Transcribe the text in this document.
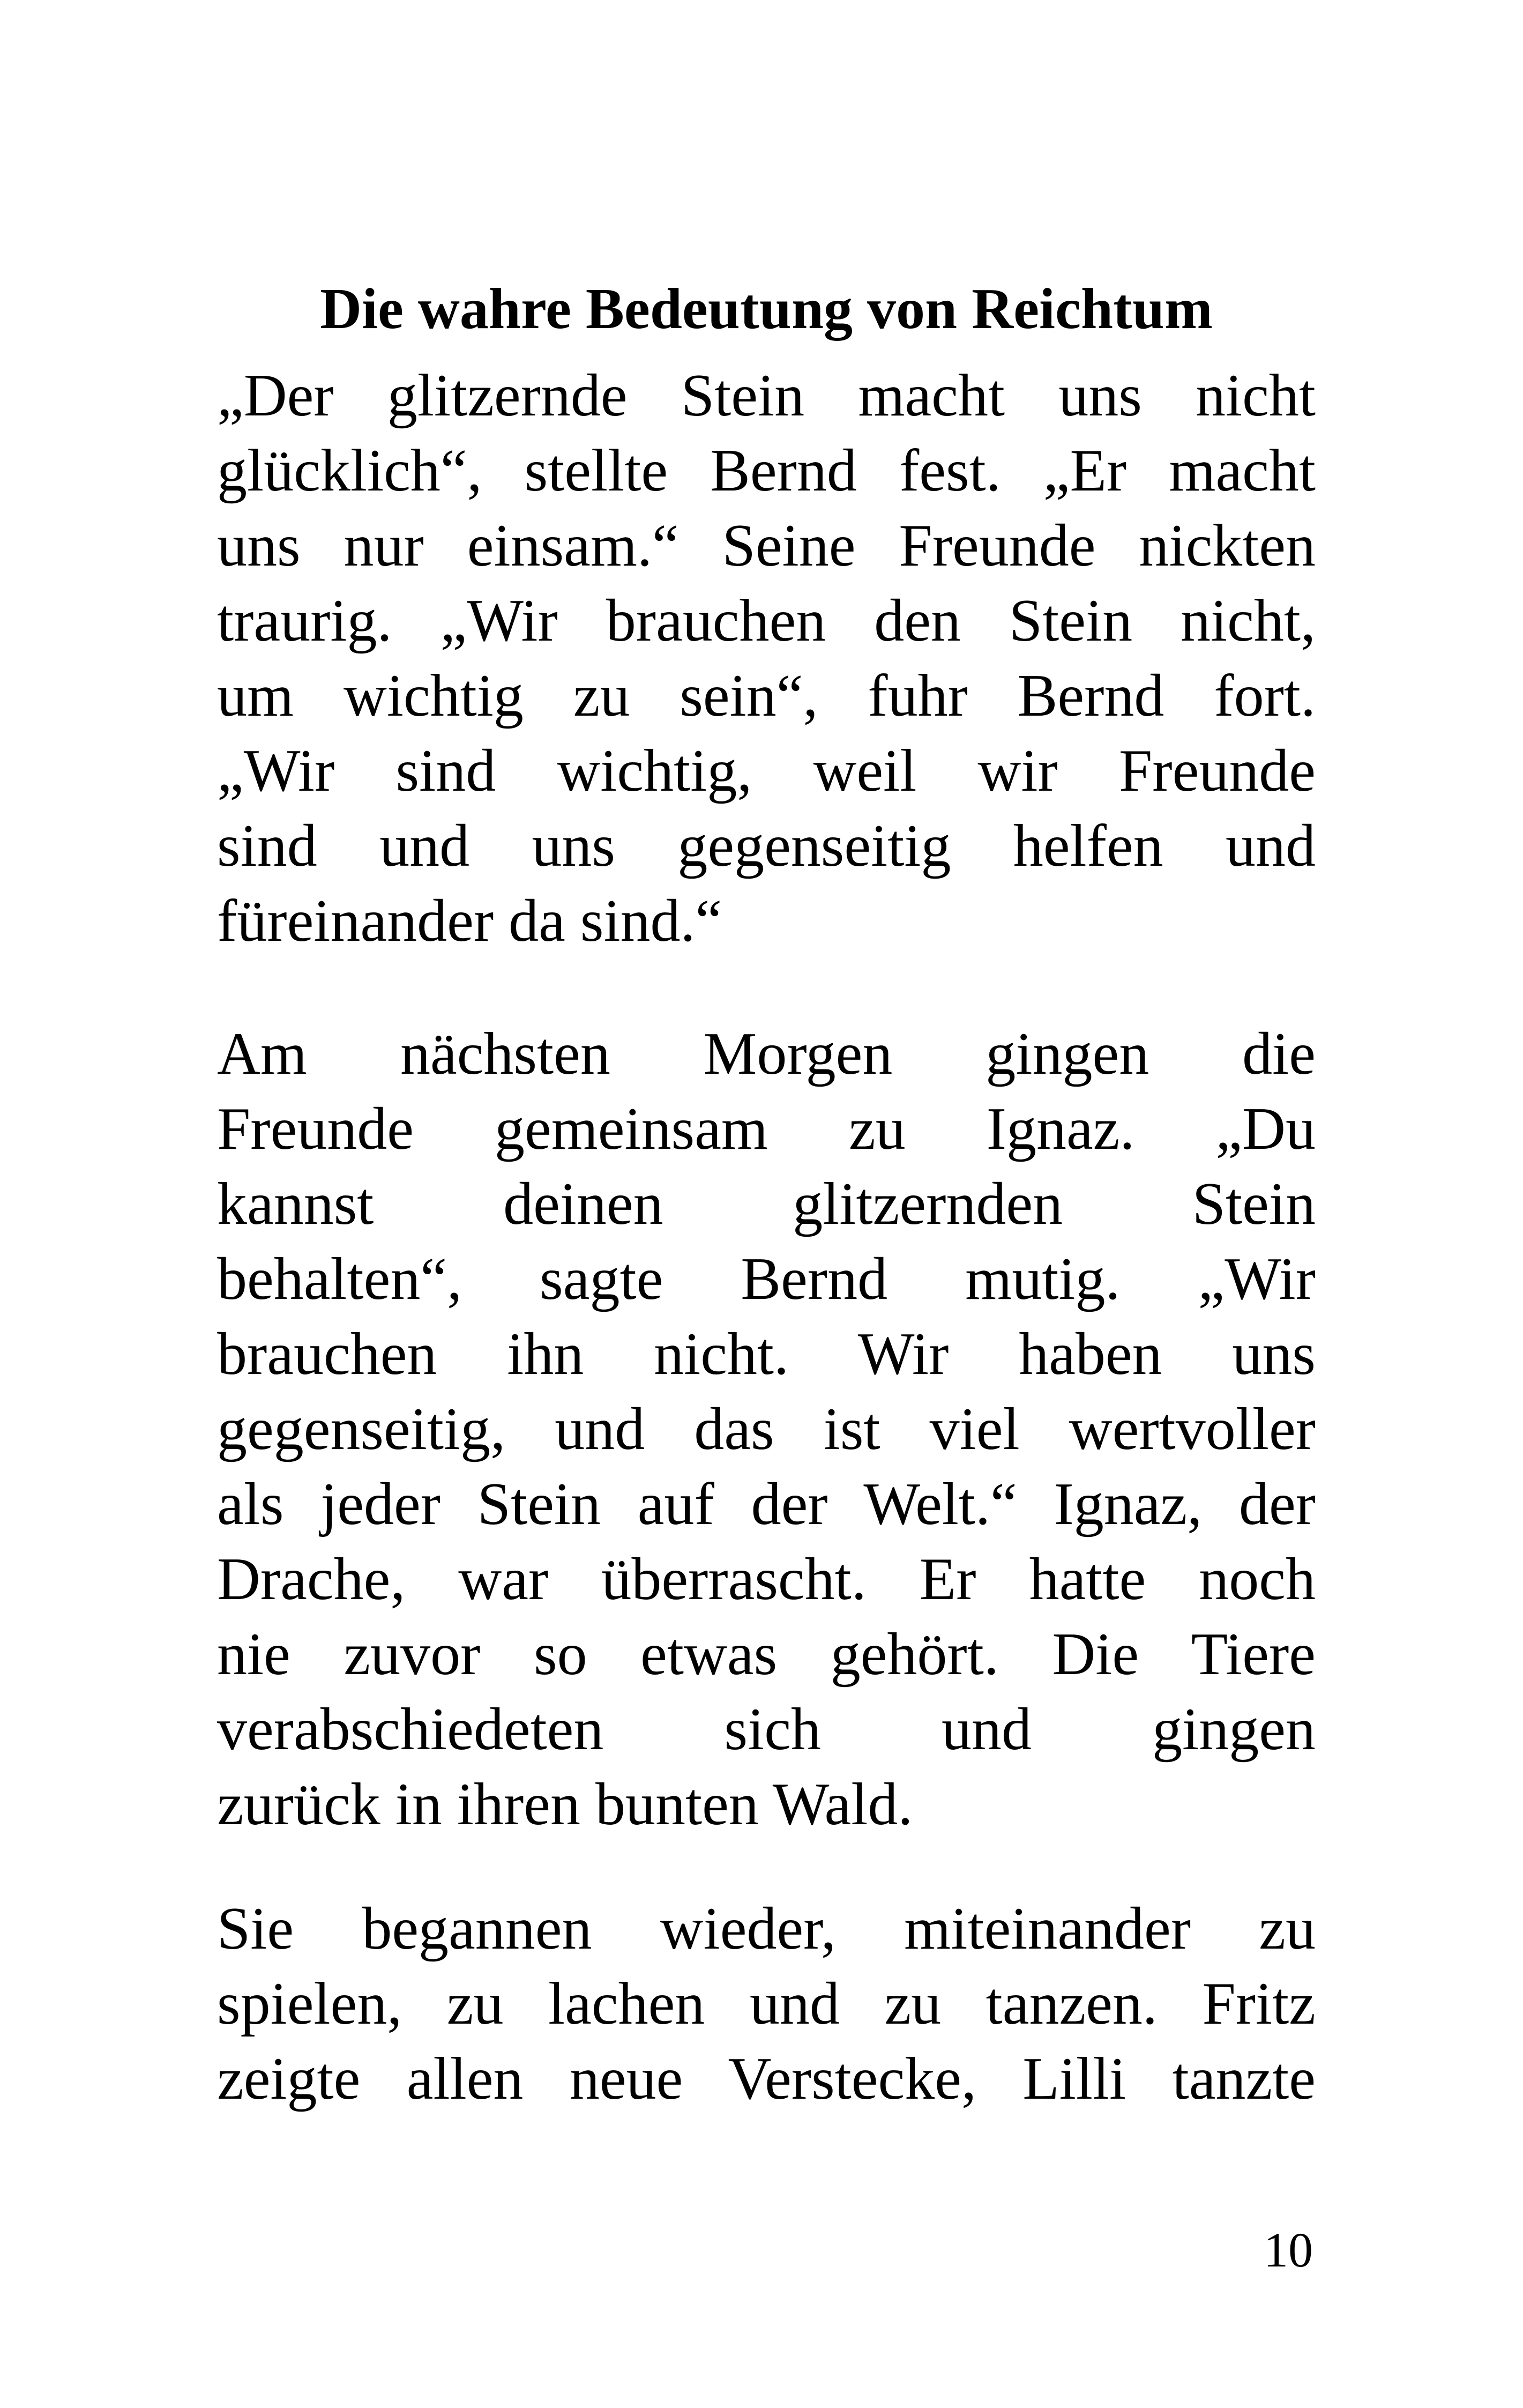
Die wahre Bedeutung von Reichtum
„Der glitzernde Stein macht uns nicht
glücklich“, stellte Bernd fest. „Er macht
uns nur einsam.“ Seine Freunde nickten
traurig. „Wir brauchen den Stein nicht,
um wichtig zu sein“, fuhr Bernd fort.
„Wir sind wichtig, weil wir Freunde
sind und uns gegenseitig helfen und
füreinander da sind.“
Am nächsten Morgen gingen die
Freunde gemeinsam zu Ignaz. „Du
kannst deinen glitzernden Stein
behalten“, sagte Bernd mutig. „Wir
brauchen ihn nicht. Wir haben uns
gegenseitig, und das ist viel wertvoller
als jeder Stein auf der Welt.“ Ignaz, der
Drache, war überrascht. Er hatte noch
nie zuvor so etwas gehört. Die Tiere
verabschiedeten sich und gingen
zurück in ihren bunten Wald.
Sie begannen wieder, miteinander zu
spielen, zu lachen und zu tanzen. Fritz
zeigte allen neue Verstecke, Lilli tanzte
10
